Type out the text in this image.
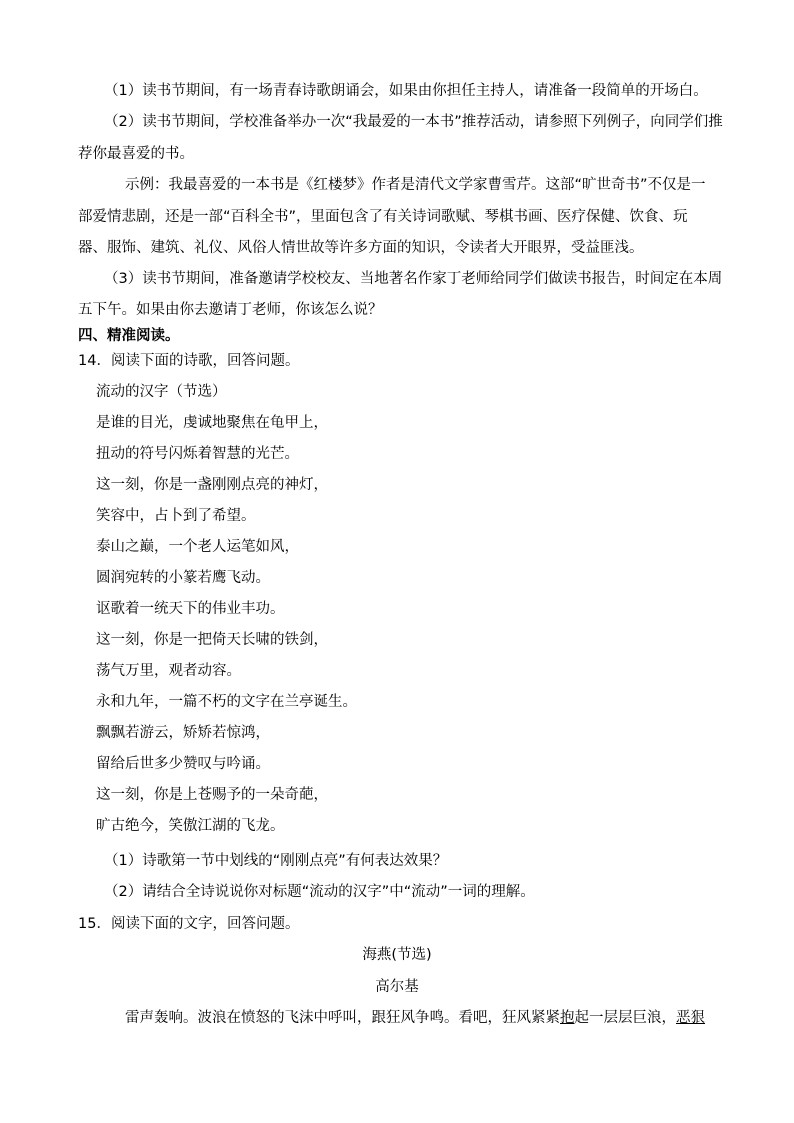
（1）读书节期间，有一场青春诗歌朗诵会，如果由你担任主持人，请准备一段简单的开场白。
（2）读书节期间，学校准备举办一次“我最爱的一本书”推荐活动，请参照下列例子，向同学们推
荐你最喜爱的书。
示例：我最喜爱的一本书是《红楼梦》作者是清代文学家曹雪芹。这部“旷世奇书”不仅是一
部爱情悲剧，还是一部“百科全书”，里面包含了有关诗词歌赋、琴棋书画、医疗保健、饮食、玩
器、服饰、建筑、礼仪、风俗人情世故等许多方面的知识，令读者大开眼界，受益匪浅。
（3）读书节期间，准备邀请学校校友、当地著名作家丁老师给同学们做读书报告，时间定在本周
五下午。如果由你去邀请丁老师，你该怎么说？
四、精准阅读。
14．阅读下面的诗歌，回答问题。
流动的汉字（节选）
是谁的目光，虔诚地聚焦在龟甲上，
扭动的符号闪烁着智慧的光芒。
这一刻，你是一盏刚刚点亮的神灯，
笑容中，占卜到了希望。
泰山之巅，一个老人运笔如风，
圆润宛转的小篆若鹰飞动。
讴歌着一统天下的伟业丰功。
这一刻，你是一把倚天长啸的铁剑，
荡气万里，观者动容。
永和九年，一篇不朽的文字在兰亭诞生。
飘飘若游云，矫矫若惊鸿，
留给后世多少赞叹与吟诵。
这一刻，你是上苍赐予的一朵奇葩，
旷古绝今，笑傲江湖的飞龙。
（1）诗歌第一节中划线的“刚刚点亮”有何表达效果？
（2）请结合全诗说说你对标题“流动的汉字”中“流动”一词的理解。
15．阅读下面的文字，回答问题。
海燕(节选)
高尔基
雷声轰响。波浪在愤怒的飞沫中呼叫，跟狂风争鸣。看吧，狂风紧紧抱起一层层巨浪，恶狠
